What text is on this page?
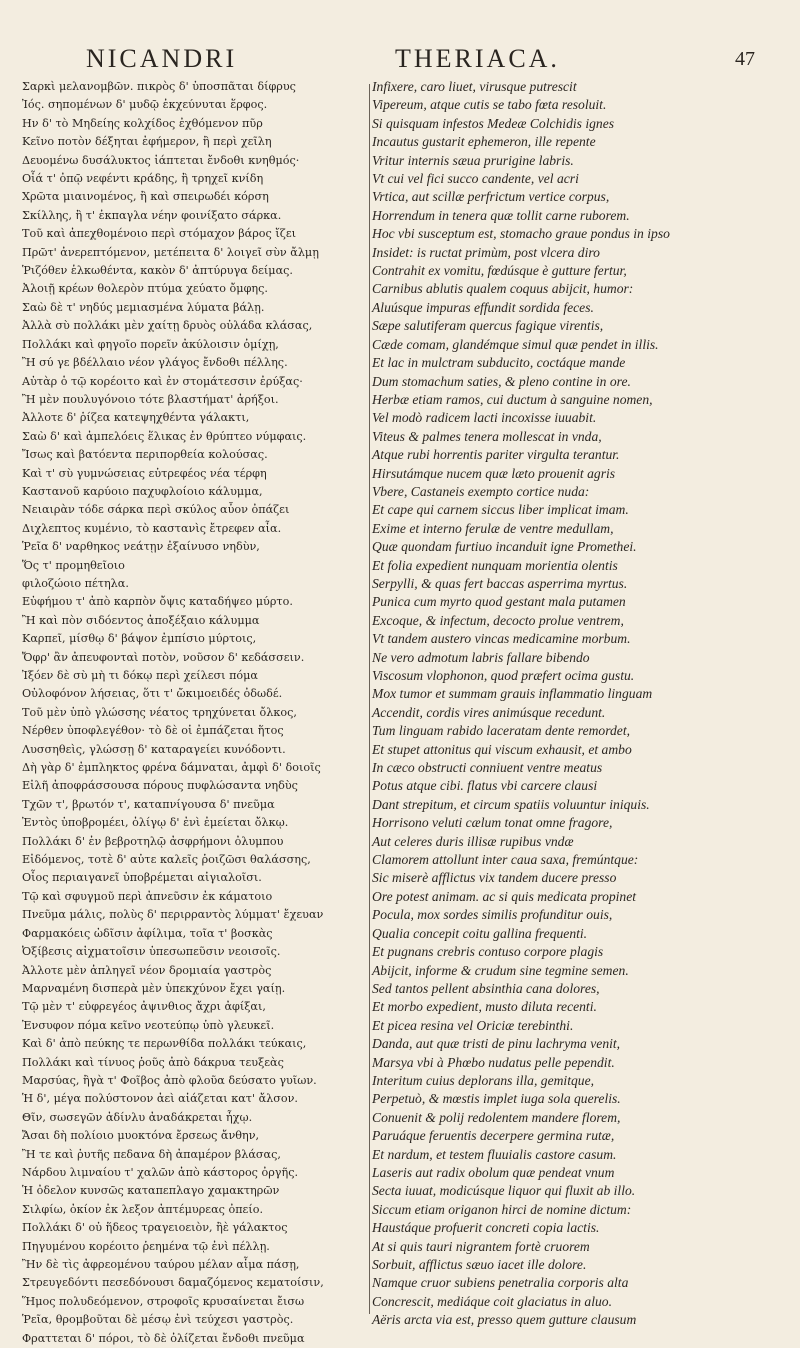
NICANDRI	THERIACA.	47
Σαρκὶ μελανομβῶν. πικρὸς δ' ὑποσπᾶται δίφρυς
Ἰός. σηπομένων δ' μυδῷ ἐκχεύνυται ἕρφος.
Ην δ' τὸ Μηδείης κολχίδος ἐχθόμενον πῦρ
Κεῖνο ποτὸν δέξηται ἐφήμερον, ἢ περὶ χεῖλη
Δευομένω δυσάλυκτος ἰάπτεται ἔνδοθι κνηθμός·
Οἷά τ' ὀπῷ νεφέντι κράδης, ἢ τρηχεῖ κνίδη
Χρῶτα μιαινομένος, ἢ καὶ σπειρωδέι κόρση
Σκίλλης, ἢ τ' ἐκπαγλα νέην φοινίξατο σάρκα.
Τοῦ καὶ ἀπεχθομένοιο περὶ στόμαχον βάρος ἴζει
Πρῶτ' ἀνερεπτόμενον, μετέπειτα δ' λοιγεῖ σὺν ἄλμῃ
Ῥιζόθεν ἑλκωθέντα, κακὸν δ' ἀπτύρυγα δείμας.
Ἀλοιῇ κρέων θολερὸν πτύμα χεύατο ὄμφης.
Σαὼ δὲ τ' νηδύς μεμιασμένα λύματα βάλῃ.
Ἀλλὰ σὺ πολλάκι μὲν χαίτῃ δρυὸς οὐλάδα κλάσας,
Πολλάκι καὶ φηγοῖο πορεῖν ἀκύλοισιν ὀμίχῃ,
Ἢ σύ γε βδέλλαιο νέον γλάγος ἔνδοθι πέλλης.
Αὐτὰρ ὁ τῷ κορέοιτο καὶ ἐν στομάτεσσιν ἐρύξας·
Ἢ μὲν πουλυγόνοιο τότε βλαστήματ' ἀρήξοι.
Ἀλλοτε δ' ῥίζεα κατεψηχθέντα γάλακτι,
Σαὼ δ' καὶ ἀμπελόεις ἕλικας ἐν θρύπτεο νύμφαις.
Ἴσως καὶ βατόεντα περιπορθεία κολούσας.
Καὶ τ' σὺ γυμνώσειας εὐτρεφέος νέα τέρφη
Καστανοῦ καρύοιο παχυφλοίοιο κάλυμμα,
Νειαιρὰν τόδε σάρκα περὶ σκύλος αὖον ὀπάζει
Διχλεπτος κυμένιο, τὸ καστανὶς ἔτρεφεν αἶα.
Ῥεῖα δ' ναρθηκος νεάτῃν ἐξαίνυσο νηδὺν,
Ὅς τ' προμηθεῖοιο
φιλοζώοιο πέτηλα.
Εὐφήμου τ' ἀπὸ καρπὸν ὄψις καταδήψεο μύρτο.
Ἢ καὶ πὸν σιδόεντος ἀποξέξαιο κάλυμμα
Καρπεῖ, μίσθῳ δ' βάψον ἐμπίσιο μύρτοις,
Ὄφρ' ἂν ἀπευφονταὶ ποτὸν, νοῦσον δ' κεδάσσειν.
Ἰξόεν δὲ σὺ μὴ τι δόκῳ περὶ χείλεσι πόμα
Οὐλοφόνον λήσειας, ὅτι τ' ὤκιμοειδές ὀδωδέ.
Τοῦ μὲν ὑπὸ γλώσσης νέατος τρηχύνεται ὄλκος,
Νέρθεν ὑποφλεγέθον· τὸ δὲ οἱ ἐμπάζεται ἥτος
Λυσσηθεὶς, γλώσσῃ δ' καταραγείει κυνόδοντι.
Δὴ γὰρ δ' ἐμπληκτος φρένα δάμναται, ἀμφὶ δ' δοιοῖς
Εἰλῆ ἀποφράσσουσα πόρους πυφλώσαντα νηδὺς
Τχῶν τ', βρωτόν τ', καταπνίγουσα δ' πνεῦμα
Ἐντὸς ὑποβρομέει, ὀλίγῳ δ' ἐνὶ ἐμείεται ὄλκῳ.
Πολλάκι δ' ἐν βεβροτηλῷ ἀσφρήμονι ὀλυμπου
Εἰδόμενος, τοτὲ δ' αὐτε καλεῖς ῥοιζῶσι θαλάσσης,
Οἷος περιαιγανεῖ ὑποβρέμεται αἰγιαλοῖσι.
Τῷ καὶ σφυγμοῦ περὶ ἀπνεῦσιν ἐκ κάματοιο
Πνεῦμα μάλις, πολὺς δ' περιρραντὸς λύμματ' ἔχευαν
Φαρμακόεις ὠδῖσιν ἀφίλιμα, τοῖα τ' βοσκὰς
Ὀξίβεσις αἰχματοῖσιν ὑπεσωπεῦσιν νεοισοῖς.
Ἀλλοτε μὲν ἀπληγεῖ νέον δρομιαία γαστρὸς
Μαρναμένη δισπερὰ μὲν ὑπεκχύνον ἔχει γαίῃ.
Τῷ μὲν τ' εὐφρεγέος ἀψινθιος ἄχρι ἀφίξαι,
Ἐνσυφον πόμα κεῖνο νεοτεύπῳ ὑπὸ γλευκεῖ.
Καὶ δ' ἀπὸ πεύκης τε περωνθίδα πολλάκι τεύκαις,
Πολλάκι καὶ τίνυος ῥοῦς ἀπὸ δάκρυα τευξεὰς
Μαρσύας, ἢγὰ τ' Φοῖβος ἀπὸ φλοῦα δεύσατο γυῖων.
Ἡ δ', μέγα πολύστονον ἀεὶ αἰάζεται κατ' ἄλσον.
Θῖν, σωσεγῶν ἀδίνλυ ἀναδάκρεται ἦχῳ.
Ἄσαι δὴ πολίοιο μυοκτόνα ἔρσεως ἄνθην,
Ἢ τε καὶ ῥυτῆς πεδανα δὴ ἀπαμέρον βλάσας,
Νάρδου λιμναίου τ' χαλῶν ἀπὸ κάστορος ὀργῆς.
Ἡ ὀδελον κυνσῶς καταπεπλαγο χαμακτηρῶν
Σιλφίω, ὀκίον ἐκ λεξον ἀπτέμυρεας ὀπείο.
Πολλάκι δ' οὐ ἥδεος τραγειοειὸν, ἢὲ γάλακτος
Πηγυμένου κορέοιτο ῥεημένα τῷ ἐνὶ πέλλῃ.
Ἢν δὲ τὶς ἀφρεομένου ταύρου μέλαν αἷμα πάσῃ,
Στρευγεδόντι πεσεδόνουσι δαμαζόμενος κεματοίσιν,
Ἥμος πολυδεόμενον, στροφοῖς κρυσαίνεται ἔισω
Ῥεῖα, θρομβοῦται δὲ μέσῳ ἐνὶ τεύχεσι γαστρὸς.
Φραττεται δ' πόροι, τὸ δὲ ὀλίζεται ἔνδοθι πνεῦμα
Infixere, caro liuet, virusque putrescit
Vipereum, atque cutis se tabo fœta resoluit.
Si quisquam infestos Medeæ Colchidis ignes
Incautus gustarit ephemeron, ille repente
Vritur internis sæua prurigine labris.
Vt cui vel fici succo candente, vel acri
Vrtica, aut scillæ perfrictum vertice corpus,
Horrendum in tenera quæ tollit carne ruborem.
Hoc vbi susceptum est, stomacho graue pondus in ipso
Insidet: is ructat primùm, post vlcera diro
Contrahit ex vomitu, fœdúsque è gutture fertur,
Carnibus ablutis qualem coquus abijcit, humor:
Aluúsque impuras effundit sordida feces.
Sæpe salutiferam quercus fagique virentis,
Cæde comam, glandémque simul quæ pendet in illis.
Et lac in mulctram subducito, coctáque mande
Dum stomachum saties, & pleno contine in ore.
Herbæ etiam ramos, cui ductum à sanguine nomen,
Vel modò radicem lacti incoxisse iuuabit.
Viteus & palmes tenera mollescat in vnda,
Atque rubi horrentis pariter virgulta terantur.
Hirsutámque nucem quæ læto prouenit agris
Vbere, Castaneis exempto cortice nuda:
Et cape qui carnem siccus liber implicat imam.
Exime et interno ferulæ de ventre medullam,
Quæ quondam furtiuo incanduit igne Promethei.
Et folia expedient nunquam morientia olentis
Serpylli, & quas fert baccas asperrima myrtus.
Punica cum myrto quod gestant mala putamen
Excoque, & infectum, decocto prolue ventrem,
Vt tandem austero vincas medicamine morbum.
Ne vero admotum labris fallare bibendo
Viscosum vlophonon, quod præfert ocima gustu.
Mox tumor et summam grauis inflammatio linguam
Accendit, cordis vires animúsque recedunt.
Tum linguam rabido laceratam dente remordet,
Et stupet attonitus qui viscum exhausit, et ambo
In cæco obstructi conniuent ventre meatus
Potus atque cibi. flatus vbi carcere clausi
Dant strepitum, et circum spatiis voluuntur iniquis.
Horrisono veluti cælum tonat omne fragore,
Aut celeres duris illisæ rupibus vndæ
Clamorem attollunt inter caua saxa, fremúntque:
Sic miserè afflictus vix tandem ducere presso
Ore potest animam. ac si quis medicata propinet
Pocula, mox sordes similis profunditur ouis,
Qualia concepit coitu gallina frequenti.
Et pugnans crebris contuso corpore plagis
Abijcit, informe & crudum sine tegmine semen.
Sed tantos pellent absinthia cana dolores,
Et morbo expedient, musto diluta recenti.
Et picea resina vel Oriciæ terebinthi.
Danda, aut quæ tristi de pinu lachryma venit,
Marsya vbi à Phœbo nudatus pelle pependit.
Interitum cuius deplorans illa, gemitque,
Perpetuò, & mœstis implet iuga sola querelis.
Conuenit & polij redolentem mandere florem,
Paruáque feruentis decerpere germina rutæ,
Et nardum, et testem fluuialis castore casum.
Laseris aut radix obolum quæ pendeat vnum
Secta iuuat, modicúsque liquor qui fluxit ab illo.
Siccum etiam origanon hirci de nomine dictum:
Haustáque profuerit concreti copia lactis.
At si quis tauri nigrantem fortè cruorem
Sorbuit, afflictus sæuo iacet ille dolore.
Namque cruor subiens penetralia corporis alta
Concrescit, mediáque coit glaciatus in aluo.
Aëris arcta via est, presso quem gutture clausum
